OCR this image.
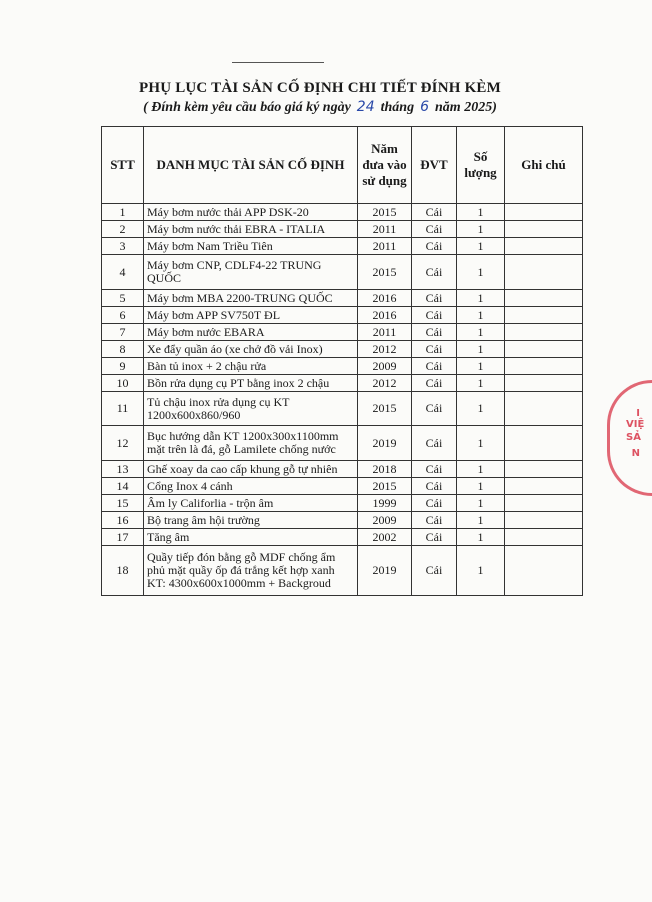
PHỤ LỤC TÀI SẢN CỐ ĐỊNH CHI TIẾT ĐÍNH KÈM
( Đính kèm yêu cầu báo giá ký ngày 24 tháng 6 năm 2025)
STT	DANH MỤC TÀI SẢN CỐ ĐỊNH	Năm đưa vào sử dụng	ĐVT	Số lượng	Ghi chú
1	Máy bơm nước thải APP DSK-20	2015	Cái	1	
2	Máy bơm nước thải EBRA - ITALIA	2011	Cái	1	
3	Máy bơm Nam Triều Tiên	2011	Cái	1	
4	Máy bơm CNP, CDLF4-22 TRUNG QUỐC	2015	Cái	1	
5	Máy bơm MBA 2200-TRUNG QUỐC	2016	Cái	1	
6	Máy bơm APP SV750T ĐL	2016	Cái	1	
7	Máy bơm nước EBARA	2011	Cái	1	
8	Xe đẩy quần áo (xe chở đồ vải Inox)	2012	Cái	1	
9	Bàn tủ inox + 2 chậu rửa	2009	Cái	1	
10	Bồn rửa dụng cụ PT bằng inox 2 chậu	2012	Cái	1	
11	Tủ chậu inox rửa dụng cụ KT 1200x600x860/960	2015	Cái	1	
12	Bục hướng dẫn KT 1200x300x1100mm mặt trên là đá, gỗ Lamilete chống nước	2019	Cái	1	
13	Ghế xoay da cao cấp khung gỗ tự nhiên	2018	Cái	1	
14	Cổng Inox 4 cánh	2015	Cái	1	
15	Âm ly Califorlia - trộn âm	1999	Cái	1	
16	Bộ trang âm hội trường	2009	Cái	1	
17	Tăng âm	2002	Cái	1	
18	Quầy tiếp đón bằng gỗ MDF chống ẩm phủ mặt quầy ốp đá trắng kết hợp xanh KT: 4300x600x1000mm + Backgroud	2019	Cái	1	
I VIỆ
SẢ
N
